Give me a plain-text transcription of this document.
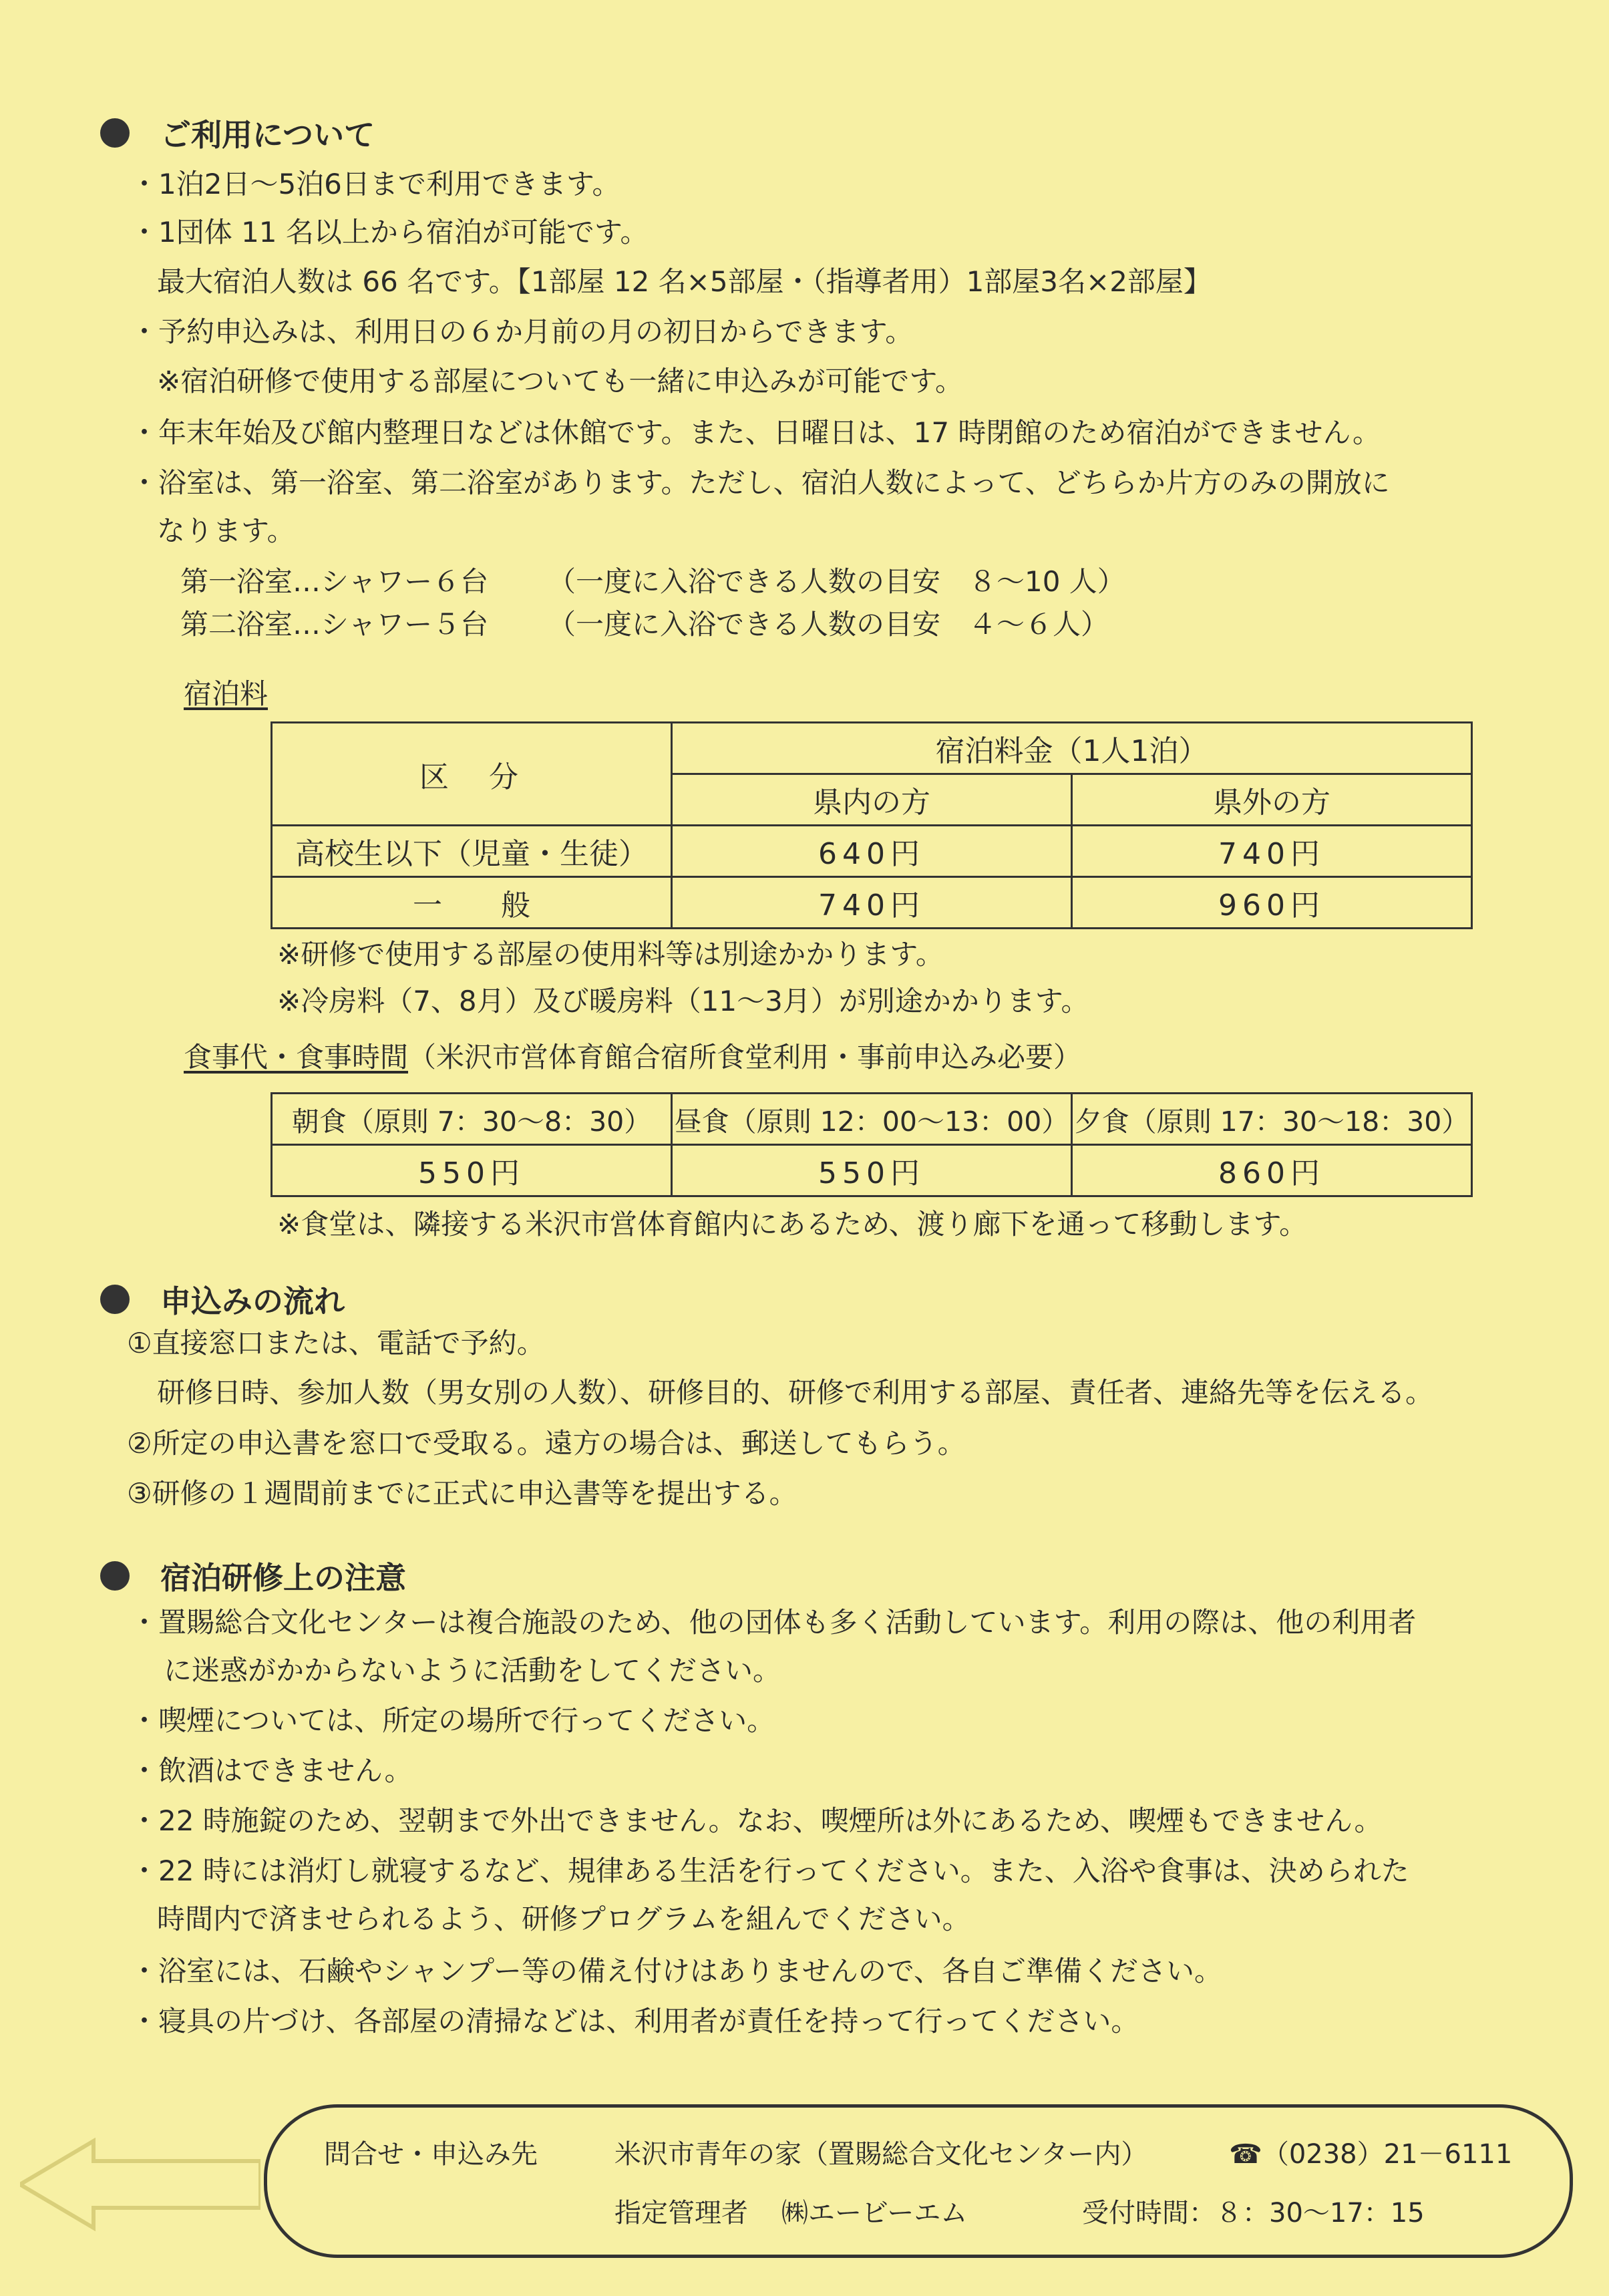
ご利用について
・1泊2日～5泊6日まで利用できます。
・1団体 11 名以上から宿泊が可能です。
最大宿泊人数は 66 名です。【1部屋 12 名×5部屋・（指導者用）1部屋3名×2部屋】
・予約申込みは、利用日の６か月前の月の初日からできます。
※宿泊研修で使用する部屋についても一緒に申込みが可能です。
・年末年始及び館内整理日などは休館です。また、日曜日は、17 時閉館のため宿泊ができません。
・浴室は、第一浴室、第二浴室があります。ただし、宿泊人数によって、どちらか片方のみの開放に
なります。
第一浴室…シャワー６台 （一度に入浴できる人数の目安　８～10 人）
第二浴室…シャワー５台 （一度に入浴できる人数の目安　４～６人）
宿泊料
区　分	宿泊料金（1人1泊）	
	県内の方	県外の方
高校生以下（児童・生徒）	640円	740円
一　　般	740円	960円
※研修で使用する部屋の使用料等は別途かかります。
※冷房料（7、8月）及び暖房料（11～3月）が別途かかります。
食事代・食事時間（米沢市営体育館合宿所食堂利用・事前申込み必要）
朝食（原則 7：30～8：30）	昼食（原則 12：00～13：00）	夕食（原則 17：30～18：30）
550円	550円	860円
※食堂は、隣接する米沢市営体育館内にあるため、渡り廊下を通って移動します。
申込みの流れ
①直接窓口または、電話で予約。
研修日時、参加人数（男女別の人数）、研修目的、研修で利用する部屋、責任者、連絡先等を伝える。
②所定の申込書を窓口で受取る。遠方の場合は、郵送してもらう。
③研修の１週間前までに正式に申込書等を提出する。
宿泊研修上の注意
・置賜総合文化センターは複合施設のため、他の団体も多く活動しています。利用の際は、他の利用者
に迷惑がかからないように活動をしてください。
・喫煙については、所定の場所で行ってください。
・飲酒はできません。
・22 時施錠のため、翌朝まで外出できません。なお、喫煙所は外にあるため、喫煙もできません。
・22 時には消灯し就寝するなど、規律ある生活を行ってください。また、入浴や食事は、決められた
時間内で済ませられるよう、研修プログラムを組んでください。
・浴室には、石鹸やシャンプー等の備え付けはありませんので、各自ご準備ください。
・寝具の片づけ、各部屋の清掃などは、利用者が責任を持って行ってください。
問合せ・申込み先	米沢市青年の家（置賜総合文化センター内）	☎（0238）21－6111
指定管理者 ㈱エービーエム	受付時間：８：30～17：15
